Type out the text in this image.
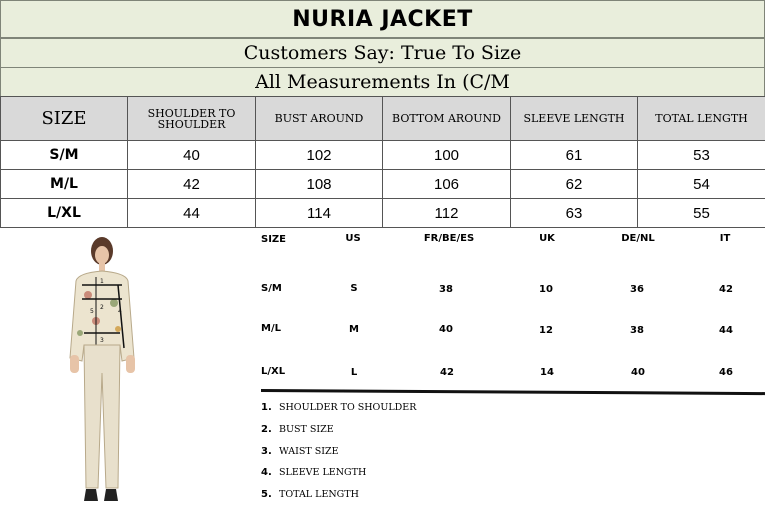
NURIA JACKET
Customers Say: True To Size
All Measurements In (C/M
SIZE	SHOULDER TO SHOULDER	BUST AROUND	BOTTOM AROUND	SLEEVE LENGTH	TOTAL LENGTH
S/M	40	102	100	61	53
M/L	42	108	106	62	54
L/XL	44	114	112	63	55
1
2
3
4
5
SIZE	US	FR/BE/ES	UK	DE/NL	IT
S/M	S	38	10	36	42
M/L	M	40	12	38	44
L/XL	L	42	14	40	46
1. SHOULDER TO SHOULDER
2. BUST SIZE
3. WAIST SIZE
4. SLEEVE LENGTH
5. TOTAL LENGTH
